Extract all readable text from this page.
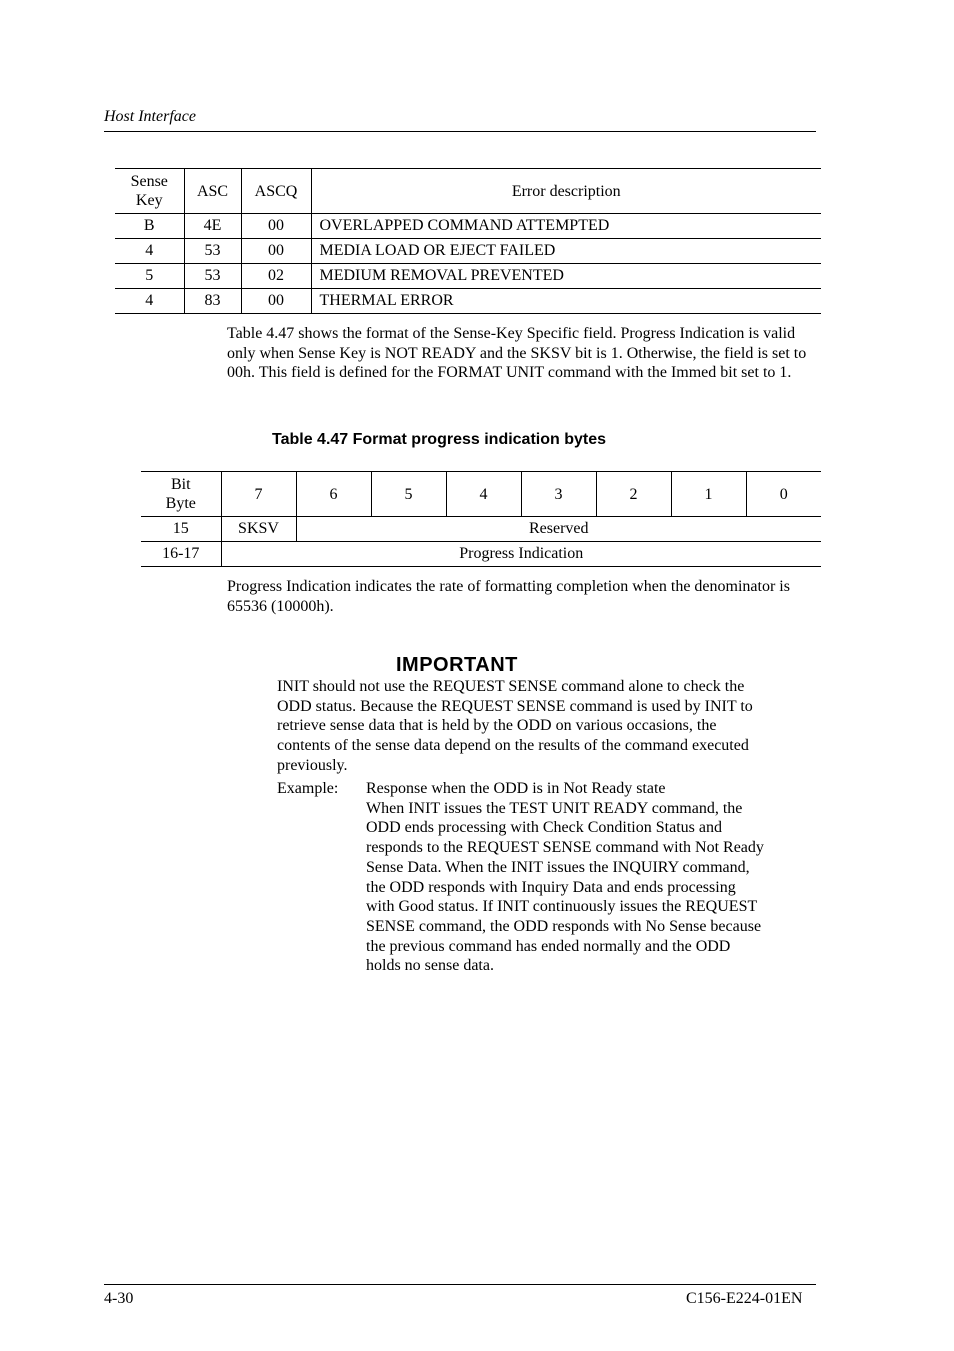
Host Interface
Sense
Key	ASC	ASCQ	Error description
B	4E	00	OVERLAPPED COMMAND ATTEMPTED
4	53	00	MEDIA LOAD OR EJECT FAILED
5	53	02	MEDIUM REMOVAL PREVENTED
4	83	00	THERMAL ERROR
Table 4.47 shows the format of the Sense-Key Specific field. Progress Indication is valid only when Sense Key is NOT READY and the SKSV bit is 1. Otherwise, the field is set to 00h. This field is defined for the FORMAT UNIT command with the Immed bit set to 1.
Table 4.47 Format progress indication bytes
Bit
Byte	7	6	5	4	3	2	1	0
15	SKSV	Reserved						
16-17	Progress Indication							
Progress Indication indicates the rate of formatting completion when the denominator is 65536 (10000h).
IMPORTANT
INIT should not use the REQUEST SENSE command alone to check the ODD status. Because the REQUEST SENSE command is used by INIT to retrieve sense data that is held by the ODD on various occasions, the contents of the sense data depend on the results of the command executed previously.
Example: Response when the ODD is in Not Ready state
When INIT issues the TEST UNIT READY command, the ODD ends processing with Check Condition Status and responds to the REQUEST SENSE command with Not Ready Sense Data. When the INIT issues the INQUIRY command, the ODD responds with Inquiry Data and ends processing with Good status. If INIT continuously issues the REQUEST SENSE command, the ODD responds with No Sense because the previous command has ended normally and the ODD holds no sense data.
4-30	C156-E224-01EN
